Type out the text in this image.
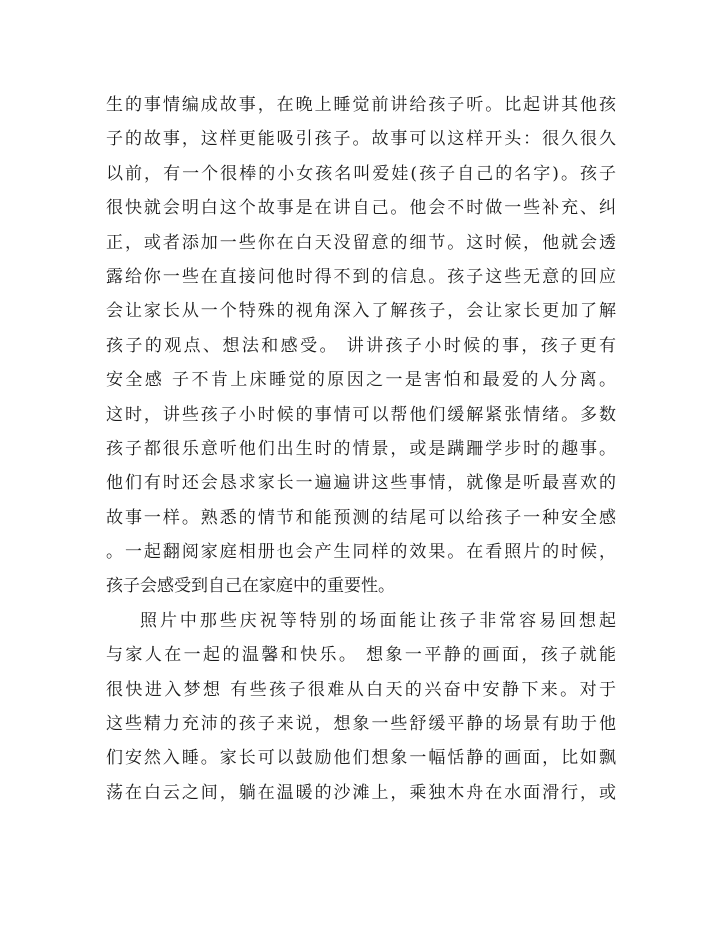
生的事情编成故事，在晚上睡觉前讲给孩子听。比起讲其他孩
子的故事，这样更能吸引孩子。故事可以这样开头：很久很久
以前，有一个很棒的小女孩名叫爱娃(孩子自己的名字)。孩子
很快就会明白这个故事是在讲自己。他会不时做一些补充、纠
正，或者添加一些你在白天没留意的细节。这时候，他就会透
露给你一些在直接问他时得不到的信息。孩子这些无意的回应
会让家长从一个特殊的视角深入了解孩子，会让家长更加了解
孩子的观点、想法和感受。 讲讲孩子小时候的事，孩子更有
安全感 子不肯上床睡觉的原因之一是害怕和最爱的人分离。
这时，讲些孩子小时候的事情可以帮他们缓解紧张情绪。多数
孩子都很乐意听他们出生时的情景，或是蹒跚学步时的趣事。
他们有时还会恳求家长一遍遍讲这些事情，就像是听最喜欢的
故事一样。熟悉的情节和能预测的结尾可以给孩子一种安全感
。一起翻阅家庭相册也会产生同样的效果。在看照片的时候，
孩子会感受到自己在家庭中的重要性。
照片中那些庆祝等特别的场面能让孩子非常容易回想起
与家人在一起的温馨和快乐。 想象一平静的画面，孩子就能
很快进入梦想 有些孩子很难从白天的兴奋中安静下来。对于
这些精力充沛的孩子来说，想象一些舒缓平静的场景有助于他
们安然入睡。家长可以鼓励他们想象一幅恬静的画面，比如飘
荡在白云之间，躺在温暖的沙滩上，乘独木舟在水面滑行，或
